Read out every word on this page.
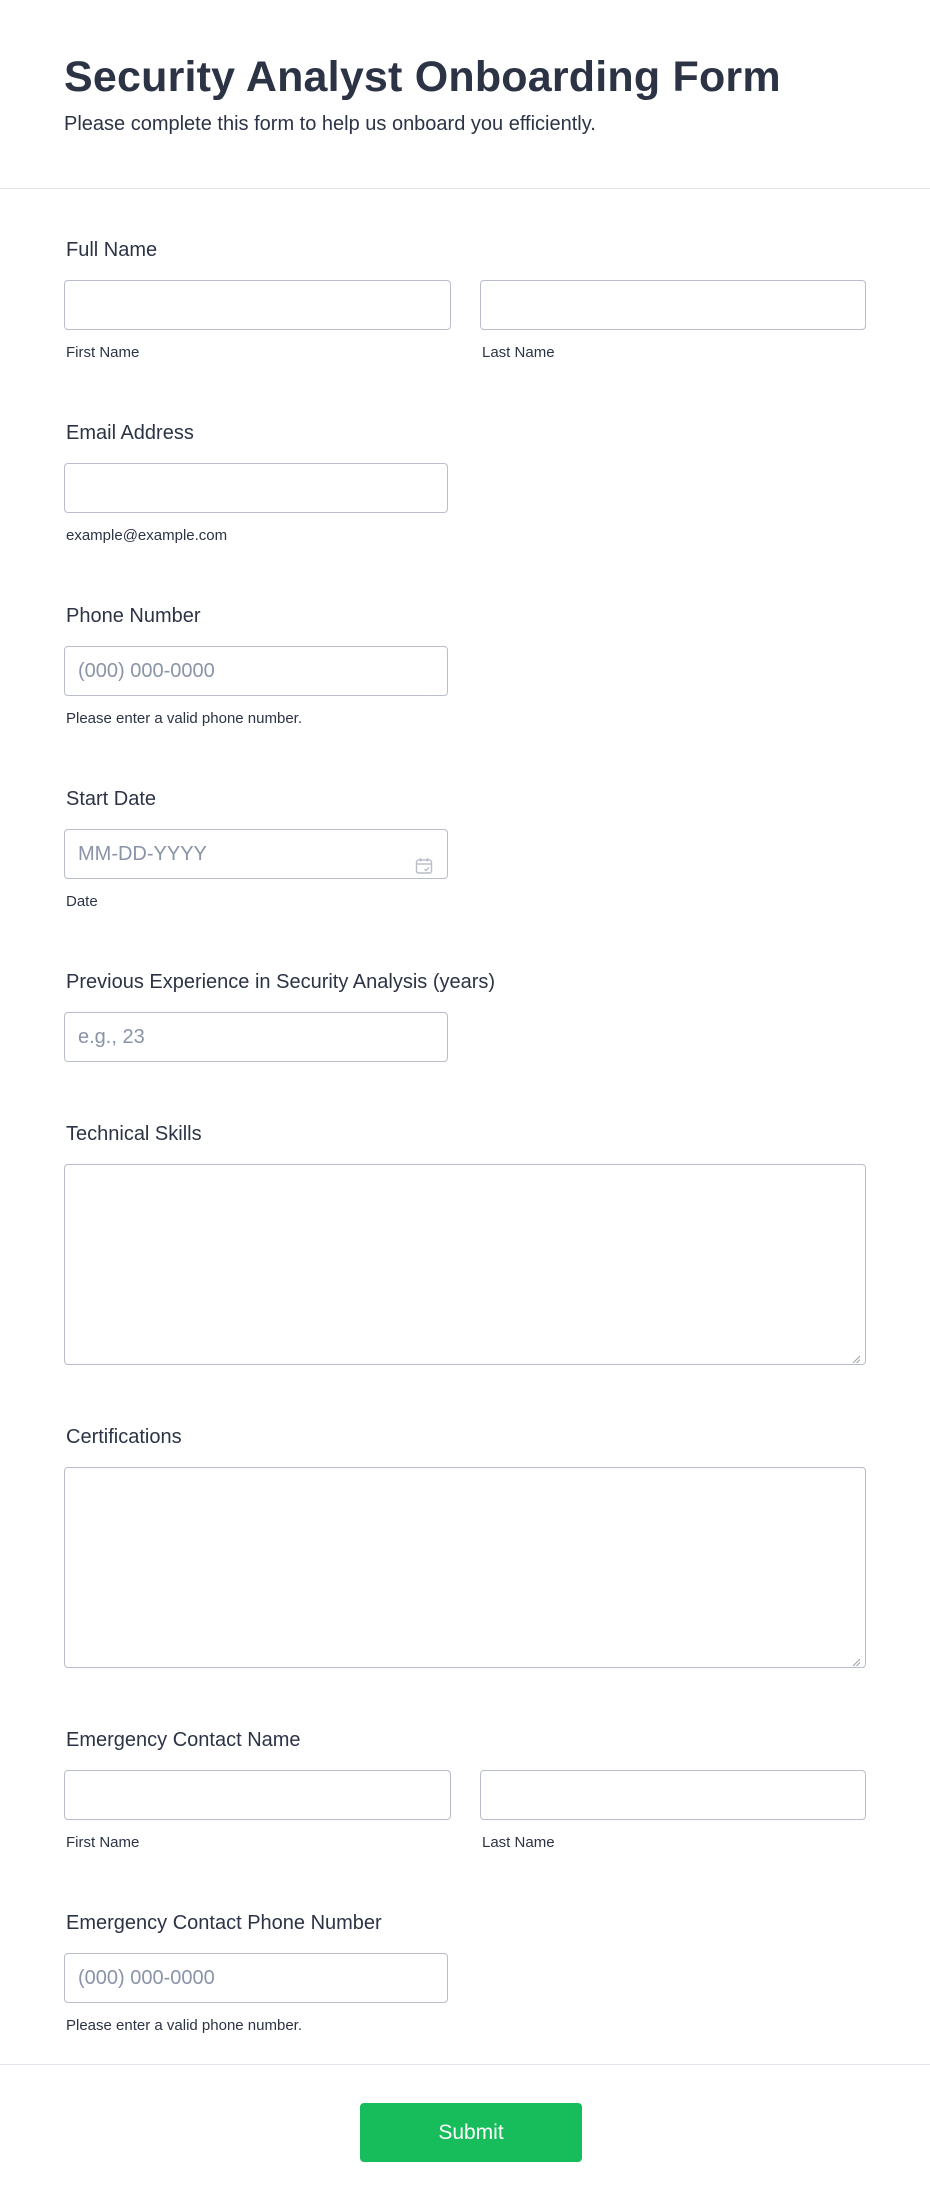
Security Analyst Onboarding Form
Please complete this form to help us onboard you efficiently.
Full Name
First Name	Last Name
Email Address
example@example.com
Phone Number
(000) 000-0000
Please enter a valid phone number.
Start Date
MM-DD-YYYY
Date
Previous Experience in Security Analysis (years)
e.g., 23
Technical Skills
Certifications
Emergency Contact Name
First Name	Last Name
Emergency Contact Phone Number
(000) 000-0000
Please enter a valid phone number.
Submit
